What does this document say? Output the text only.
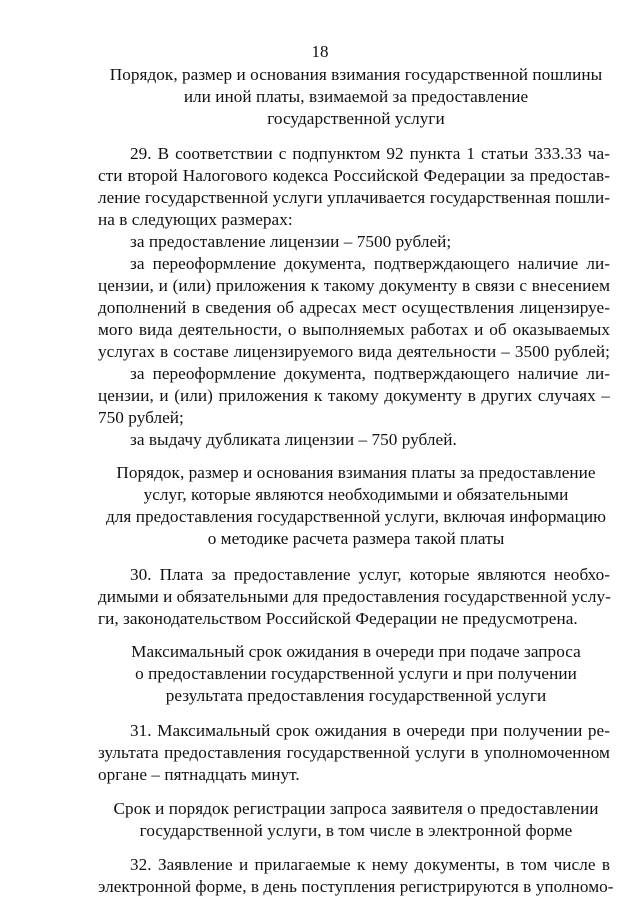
18
Порядок, размер и основания взимания государственной пошлины
или иной платы, взимаемой за предоставление
государственной услуги
29. В соответствии с подпунктом 92 пункта 1 статьи 333.33 ча-
сти второй Налогового кодекса Российской Федерации за предостав-
ление государственной услуги уплачивается государственная пошли-
на в следующих размерах:
за предоставление лицензии – 7500 рублей;
за переоформление документа, подтверждающего наличие ли-
цензии, и (или) приложения к такому документу в связи с внесением
дополнений в сведения об адресах мест осуществления лицензируе-
мого вида деятельности, о выполняемых работах и об оказываемых
услугах в составе лицензируемого вида деятельности – 3500 рублей;
за переоформление документа, подтверждающего наличие ли-
цензии, и (или) приложения к такому документу в других случаях –
750 рублей;
за выдачу дубликата лицензии – 750 рублей.
Порядок, размер и основания взимания платы за предоставление
услуг, которые являются необходимыми и обязательными
для предоставления государственной услуги, включая информацию
о методике расчета размера такой платы
30. Плата за предоставление услуг, которые являются необхо-
димыми и обязательными для предоставления государственной услу-
ги, законодательством Российской Федерации не предусмотрена.
Максимальный срок ожидания в очереди при подаче запроса
о предоставлении государственной услуги и при получении
результата предоставления государственной услуги
31. Максимальный срок ожидания в очереди при получении ре-
зультата предоставления государственной услуги в уполномоченном
органе – пятнадцать минут.
Срок и порядок регистрации запроса заявителя о предоставлении
государственной услуги, в том числе в электронной форме
32. Заявление и прилагаемые к нему документы, в том числе в
электронной форме, в день поступления регистрируются в уполномо-
